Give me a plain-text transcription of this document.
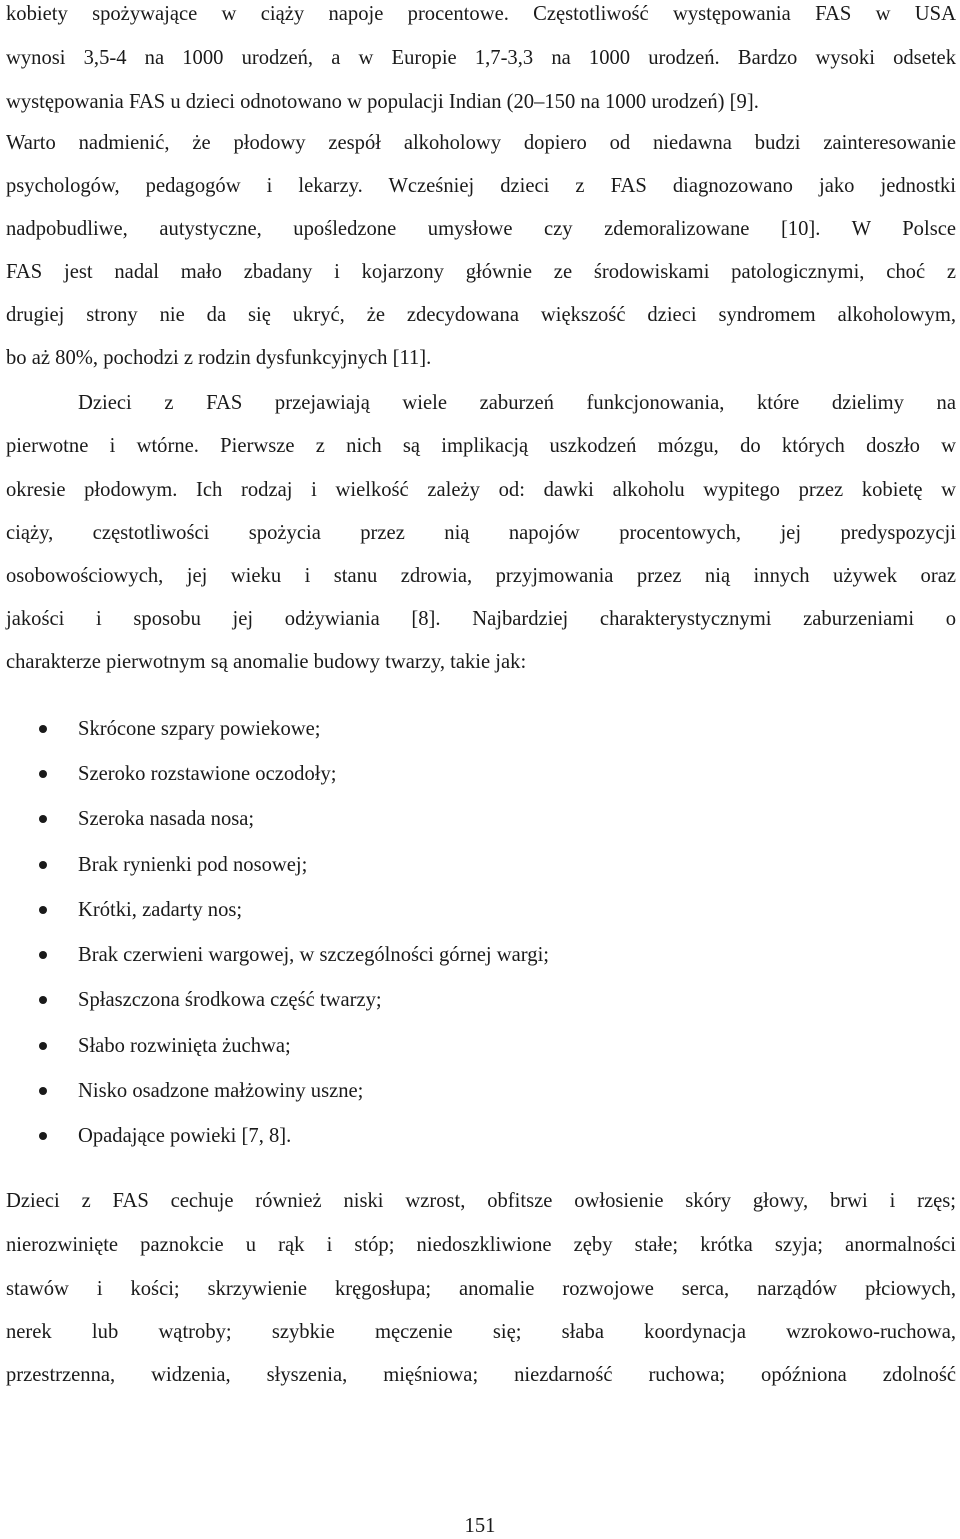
kobiety spożywające w ciąży napoje procentowe. Częstotliwość występowania FAS w USA
wynosi 3,5-4 na 1000 urodzeń, a w Europie 1,7-3,3 na 1000 urodzeń. Bardzo wysoki odsetek
występowania FAS u dzieci odnotowano w populacji Indian (20–150 na 1000 urodzeń) [9].
Warto nadmienić, że płodowy zespół alkoholowy dopiero od niedawna budzi zainteresowanie
psychologów, pedagogów i lekarzy. Wcześniej dzieci z FAS diagnozowano jako jednostki
nadpobudliwe, autystyczne, upośledzone umysłowe czy zdemoralizowane [10]. W Polsce
FAS jest nadal mało zbadany i kojarzony głównie ze środowiskami patologicznymi, choć z
drugiej strony nie da się ukryć, że zdecydowana większość dzieci syndromem alkoholowym,
bo aż 80%, pochodzi z rodzin dysfunkcyjnych [11].
Dzieci z FAS przejawiają wiele zaburzeń funkcjonowania, które dzielimy na
pierwotne i wtórne. Pierwsze z nich są implikacją uszkodzeń mózgu, do których doszło w
okresie płodowym. Ich rodzaj i wielkość zależy od: dawki alkoholu wypitego przez kobietę w
ciąży, częstotliwości spożycia przez nią napojów procentowych, jej predyspozycji
osobowościowych, jej wieku i stanu zdrowia, przyjmowania przez nią innych używek oraz
jakości i sposobu jej odżywiania [8]. Najbardziej charakterystycznymi zaburzeniami o
charakterze pierwotnym są anomalie budowy twarzy, takie jak:
Skrócone szpary powiekowe;
Szeroko rozstawione oczodoły;
Szeroka nasada nosa;
Brak rynienki pod nosowej;
Krótki, zadarty nos;
Brak czerwieni wargowej, w szczególności górnej wargi;
Spłaszczona środkowa część twarzy;
Słabo rozwinięta żuchwa;
Nisko osadzone małżowiny uszne;
Opadające powieki [7, 8].
Dzieci z FAS cechuje również niski wzrost, obfitsze owłosienie skóry głowy, brwi i rzęs;
nierozwinięte paznokcie u rąk i stóp; niedoszkliwione zęby stałe; krótka szyja; anormalności
stawów i kości; skrzywienie kręgosłupa; anomalie rozwojowe serca, narządów płciowych,
nerek lub wątroby; szybkie męczenie się; słaba koordynacja wzrokowo-ruchowa,
przestrzenna, widzenia, słyszenia, mięśniowa; niezdarność ruchowa; opóźniona zdolność
151
